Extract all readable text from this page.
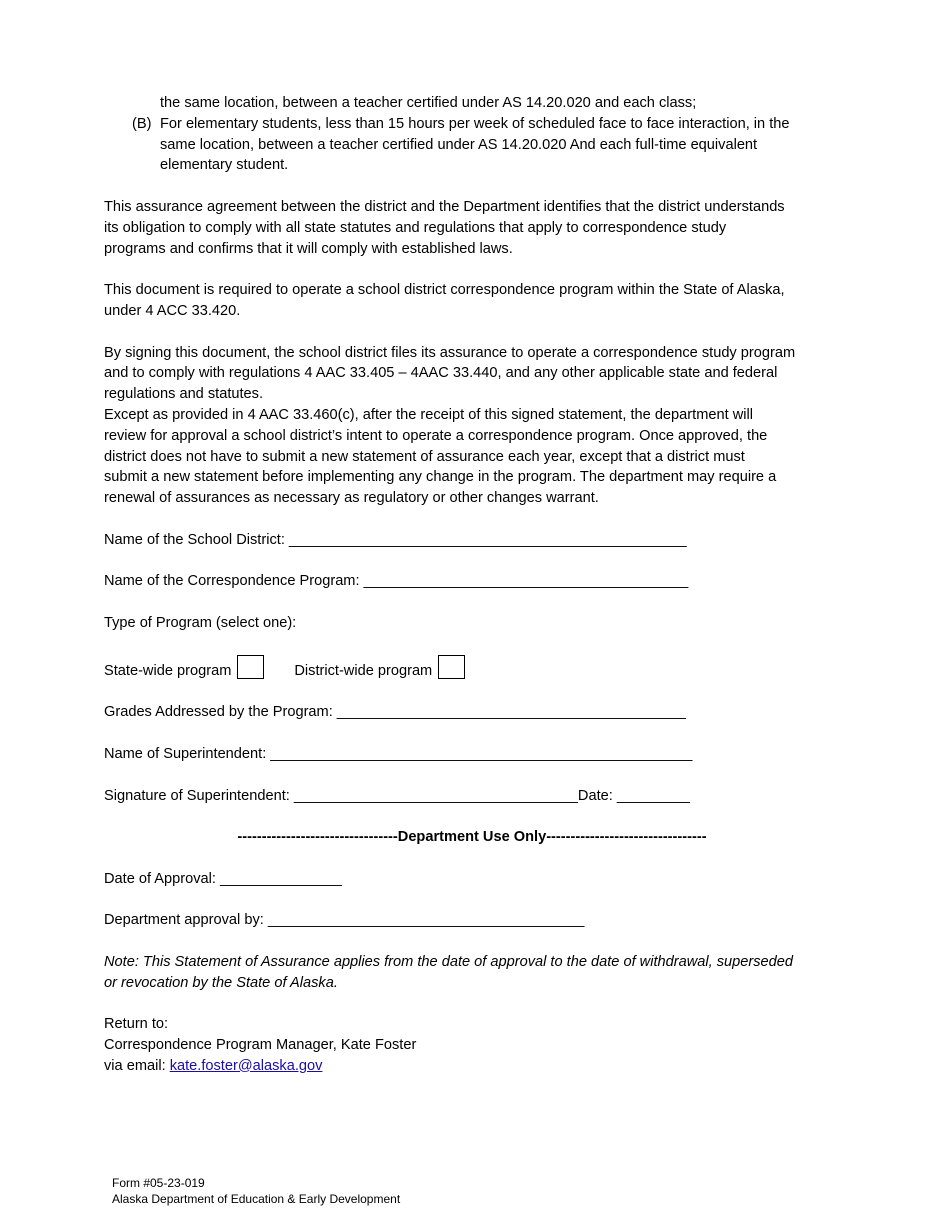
the same location, between a teacher certified under AS 14.20.020 and each class;
(B) For elementary students, less than 15 hours per week of scheduled face to face interaction, in the
same location, between a teacher certified under AS 14.20.020 And each full-time equivalent
elementary student.
This assurance agreement between the district and the Department identifies that the district understands
its obligation to comply with all state statutes and regulations that apply to correspondence study
programs and confirms that it will comply with established laws.
This document is required to operate a school district correspondence program within the State of Alaska,
under 4 ACC 33.420.
By signing this document, the school district files its assurance to operate a correspondence study program
and to comply with regulations 4 AAC 33.405 – 4AAC 33.440, and any other applicable state and federal
regulations and statutes.
Except as provided in 4 AAC 33.460(c), after the receipt of this signed statement, the department will
review for approval a school district’s intent to operate a correspondence program. Once approved, the
district does not have to submit a new statement of assurance each year, except that a district must
submit a new statement before implementing any change in the program. The department may require a
renewal of assurances as necessary as regulatory or other changes warrant.
Name of the School District: _________________________________________________
Name of the Correspondence Program: ________________________________________
Type of Program (select one):
State-wide program	District-wide program
Grades Addressed by the Program: ___________________________________________
Name of Superintendent: ____________________________________________________
Signature of Superintendent: ___________________________________Date: _________
---------------------------------Department Use Only---------------------------------
Date of Approval: _______________
Department approval by: _______________________________________
Note: This Statement of Assurance applies from the date of approval to the date of withdrawal, superseded
or revocation by the State of Alaska.
Return to:
Correspondence Program Manager, Kate Foster
via email: kate.foster@alaska.gov
Form #05-23-019
Alaska Department of Education & Early Development
